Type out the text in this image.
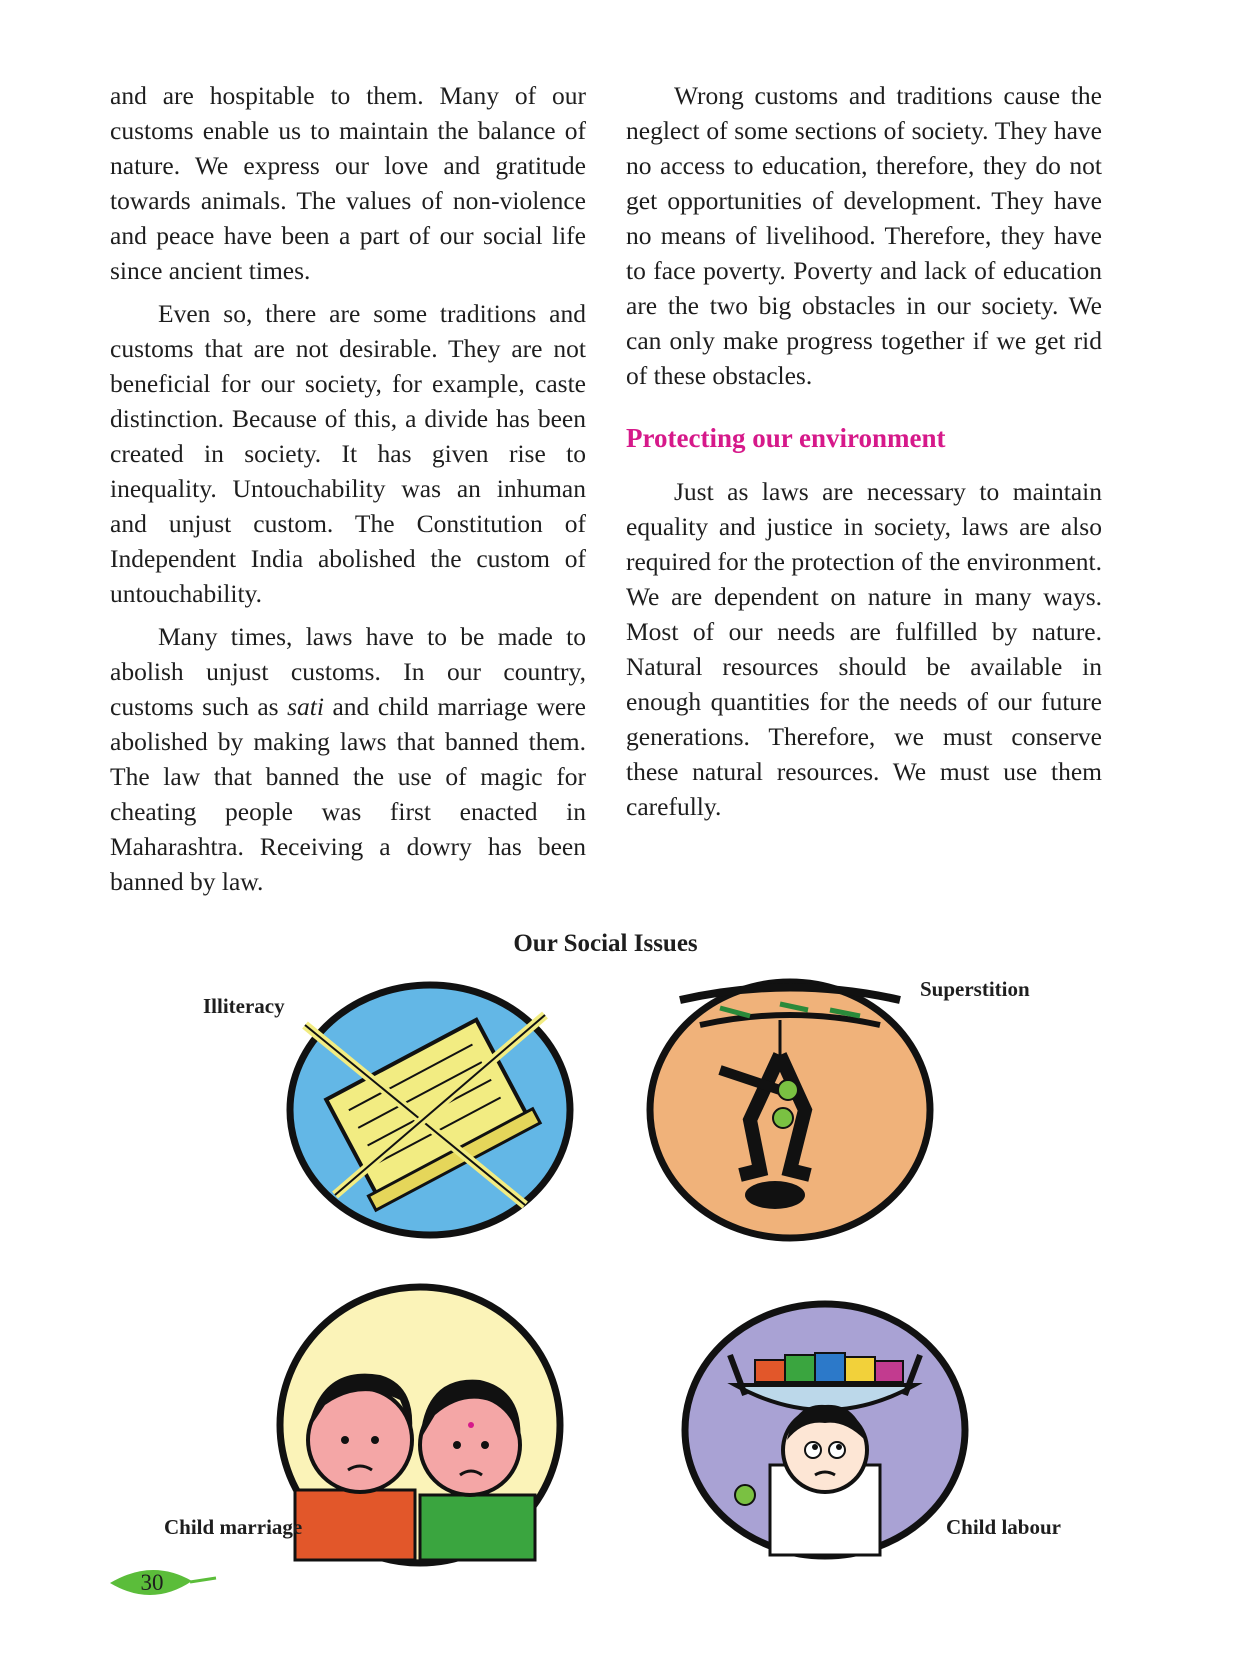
and are hospitable to them. Many of our customs enable us to maintain the balance of nature. We express our love and gratitude towards animals. The values of non-violence and peace have been a part of our social life since ancient times.

Even so, there are some traditions and customs that are not desirable. They are not beneficial for our society, for example, caste distinction. Because of this, a divide has been created in society. It has given rise to inequality. Untouchability was an inhuman and unjust custom. The Constitution of Independent India abolished the custom of untouchability.

Many times, laws have to be made to abolish unjust customs. In our country, customs such as sati and child marriage were abolished by making laws that banned them. The law that banned the use of magic for cheating people was first enacted in Maharashtra. Receiving a dowry has been banned by law.

Wrong customs and traditions cause the neglect of some sections of society. They have no access to education, therefore, they do not get opportunities of development. They have no means of livelihood. Therefore, they have to face poverty. Poverty and lack of education are the two big obstacles in our society. We can only make progress together if we get rid of these obstacles.

Protecting our environment

Just as laws are necessary to maintain equality and justice in society, laws are also required for the protection of the environment. We are dependent on nature in many ways. Most of our needs are fulfilled by nature. Natural resources should be available in enough quantities for the needs of our future generations. Therefore, we must conserve these natural resources. We must use them carefully.

Our Social Issues
Illiteracy
Superstition
Child marriage	Child labour
30
